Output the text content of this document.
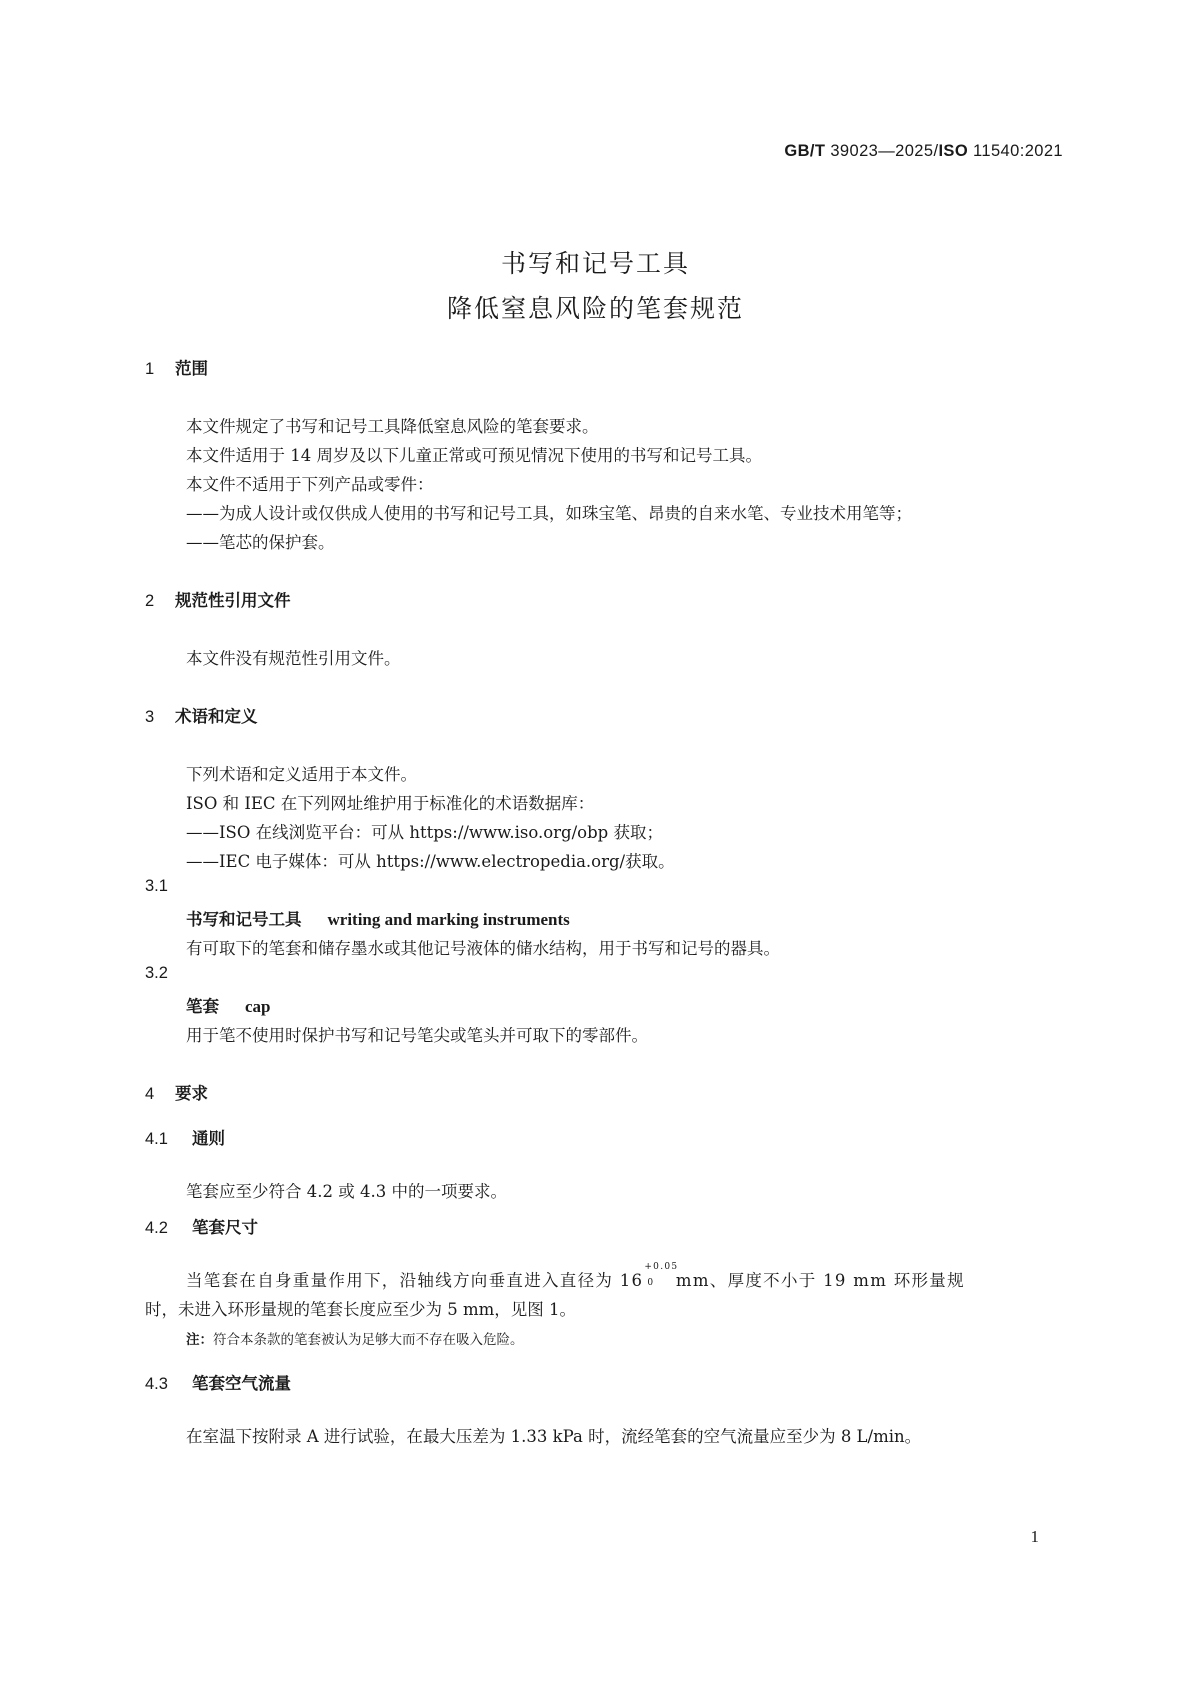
GB/T 39023—2025/ISO 11540:2021
书写和记号工具
降低窒息风险的笔套规范
1 范围
本文件规定了书写和记号工具降低窒息风险的笔套要求。
本文件适用于 14 周岁及以下儿童正常或可预见情况下使用的书写和记号工具。
本文件不适用于下列产品或零件：
——为成人设计或仅供成人使用的书写和记号工具，如珠宝笔、昂贵的自来水笔、专业技术用笔等；
——笔芯的保护套。
2 规范性引用文件
本文件没有规范性引用文件。
3 术语和定义
下列术语和定义适用于本文件。
ISO 和 IEC 在下列网址维护用于标准化的术语数据库：
——ISO 在线浏览平台：可从 https://www.iso.org/obp 获取；
——IEC 电子媒体：可从 https://www.electropedia.org/获取。
3.1
书写和记号工具 writing and marking instruments
有可取下的笔套和储存墨水或其他记号液体的储水结构，用于书写和记号的器具。
3.2
笔套 cap
用于笔不使用时保护书写和记号笔尖或笔头并可取下的零部件。
4 要求
4.1 通则
笔套应至少符合 4.2 或 4.3 中的一项要求。
4.2 笔套尺寸
当笔套在自身重量作用下，沿轴线方向垂直进入直径为 16
+0.05
0 mm、厚度不小于 19 mm 环形量规
时，未进入环形量规的笔套长度应至少为 5 mm，见图 1。
注：符合本条款的笔套被认为足够大而不存在吸入危险。
4.3 笔套空气流量
在室温下按附录 A 进行试验，在最大压差为 1.33 kPa 时，流经笔套的空气流量应至少为 8 L/min。
1
